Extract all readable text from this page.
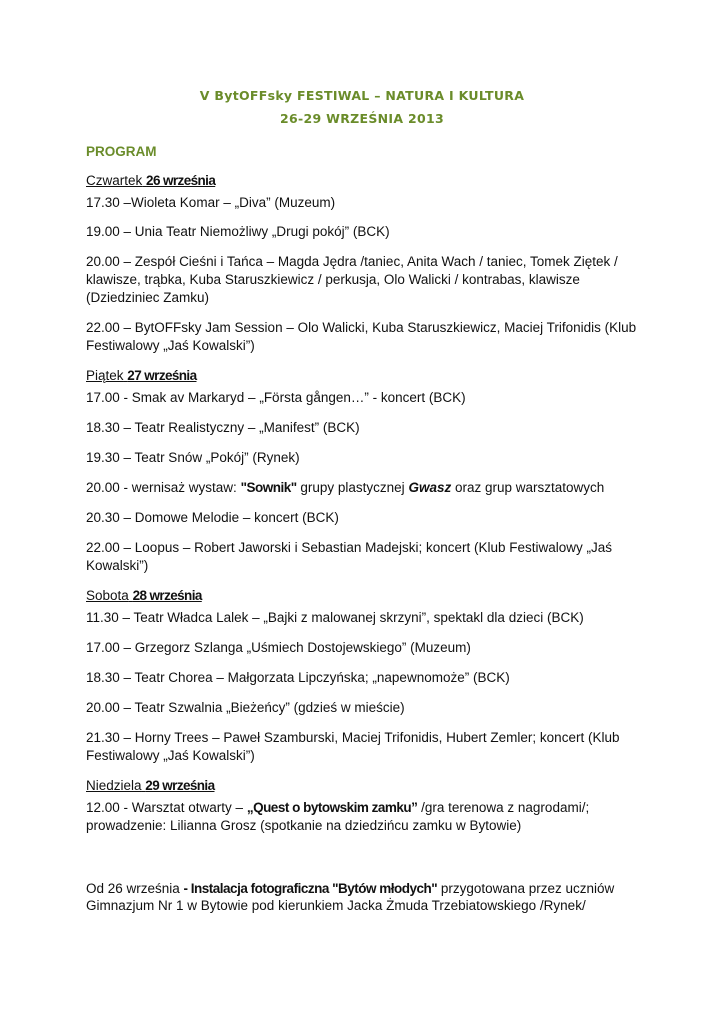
V BytOFFsky FESTIWAL – NATURA I KULTURA
26-29 WRZEŚNIA 2013
PROGRAM
Czwartek 26 września
17.30 –Wioleta Komar – „Diva” (Muzeum)
19.00 – Unia Teatr Niemożliwy „Drugi pokój” (BCK)
20.00 – Zespół Cieśni i Tańca – Magda Jędra /taniec, Anita Wach / taniec, Tomek Ziętek / klawisze, trąbka, Kuba Staruszkiewicz / perkusja, Olo Walicki / kontrabas, klawisze (Dziedziniec Zamku)
22.00 – BytOFFsky Jam Session – Olo Walicki, Kuba Staruszkiewicz, Maciej Trifonidis (Klub Festiwalowy „Jaś Kowalski”)
Piątek 27 września
17.00 - Smak av Markaryd – „Första gången…” - koncert (BCK)
18.30 – Teatr Realistyczny – „Manifest” (BCK)
19.30 – Teatr Snów „Pokój” (Rynek)
20.00 - wernisaż wystaw: "Sownik" grupy plastycznej Gwasz oraz grup warsztatowych
20.30 – Domowe Melodie – koncert (BCK)
22.00 – Loopus – Robert Jaworski i Sebastian Madejski; koncert (Klub Festiwalowy „Jaś Kowalski”)
Sobota 28 września
11.30 – Teatr Władca Lalek – „Bajki z malowanej skrzyni”, spektakl dla dzieci (BCK)
17.00 – Grzegorz Szlanga „Uśmiech Dostojewskiego” (Muzeum)
18.30 – Teatr Chorea – Małgorzata Lipczyńska; „napewnomoże” (BCK)
20.00 – Teatr Szwalnia „Bieżeńcy” (gdzieś w mieście)
21.30 – Horny Trees – Paweł Szamburski, Maciej Trifonidis, Hubert Zemler; koncert (Klub Festiwalowy „Jaś Kowalski”)
Niedziela 29 września
12.00 - Warsztat otwarty – „Quest o bytowskim zamku” /gra terenowa z nagrodami/; prowadzenie: Lilianna Grosz (spotkanie na dziedzińcu zamku w Bytowie)
Od 26 września - Instalacja fotograficzna "Bytów młodych" przygotowana przez uczniów Gimnazjum Nr 1 w Bytowie pod kierunkiem Jacka Żmuda Trzebiatowskiego /Rynek/
